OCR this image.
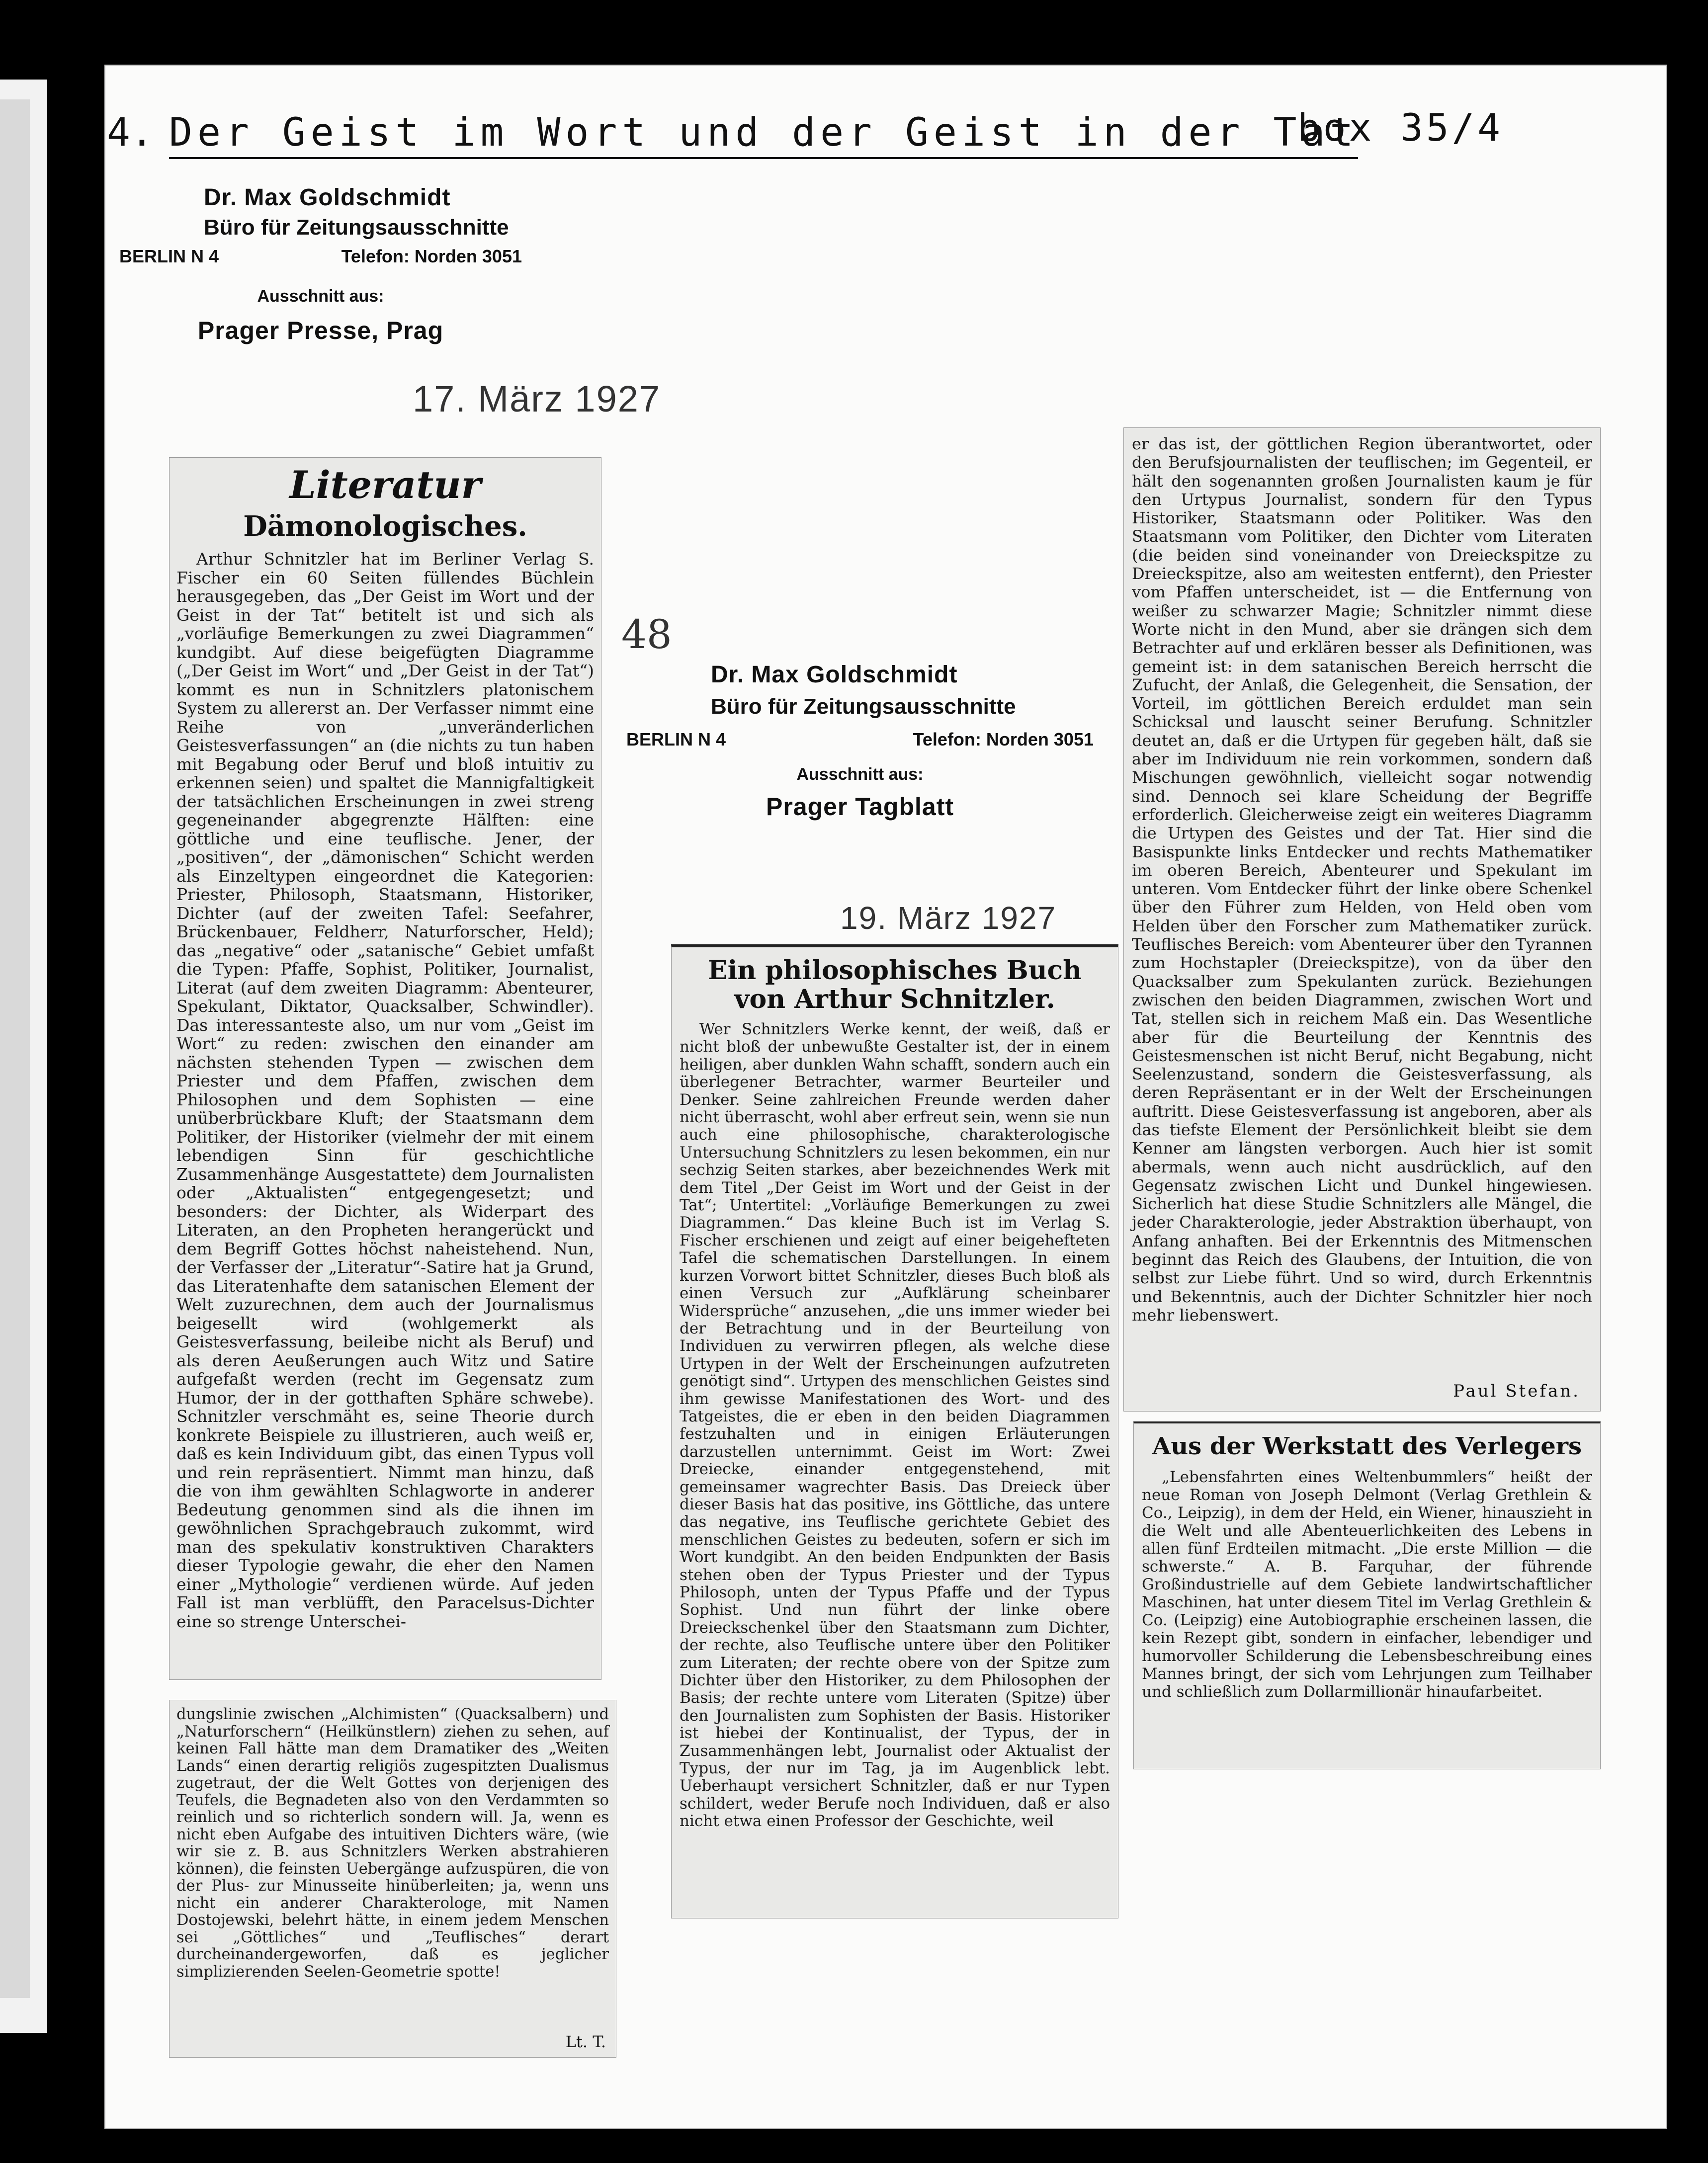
4. Der Geist im Wort und der Geist in der Tat
box 35/4
Dr. Max Goldschmidt
Büro für Zeitungsausschnitte
BERLIN N 4	Telefon: Norden 3051
Ausschnitt aus:
Prager Presse, Prag
17. März 1927
Dr. Max Goldschmidt
Büro für Zeitungsausschnitte
BERLIN N 4	Telefon: Norden 3051
Ausschnitt aus:
Prager Tagblatt
19. März 1927
48
Literatur
Dämonologisches.

Arthur Schnitzler hat im Berliner Verlag S. Fischer ein 60 Seiten füllendes Büchlein herausgegeben, das „Der Geist im Wort und der Geist in der Tat“ betitelt ist und sich als „vorläufige Bemerkungen zu zwei Diagrammen“ kundgibt. Auf diese beigefügten Diagramme („Der Geist im Wort“ und „Der Geist in der Tat“) kommt es nun in Schnitzlers platonischem System zu allererst an. Der Verfasser nimmt eine Reihe von „unveränderlichen Geistesverfassungen“ an (die nichts zu tun haben mit Begabung oder Beruf und bloß intuitiv zu erkennen seien) und spaltet die Mannigfaltigkeit der tatsächlichen Erscheinungen in zwei streng gegeneinander abgegrenzte Hälften: eine göttliche und eine teuflische. Jener, der „positiven“, der „dämonischen“ Schicht werden als Einzeltypen eingeordnet die Kategorien: Priester, Philosoph, Staatsmann, Historiker, Dichter (auf der zweiten Tafel: Seefahrer, Brückenbauer, Feldherr, Naturforscher, Held); das „negative“ oder „satanische“ Gebiet umfaßt die Typen: Pfaffe, Sophist, Politiker, Journalist, Literat (auf dem zweiten Diagramm: Abenteurer, Spekulant, Diktator, Quacksalber, Schwindler). Das interessanteste also, um nur vom „Geist im Wort“ zu reden: zwischen den einander am nächsten stehenden Typen — zwischen dem Priester und dem Pfaffen, zwischen dem Philosophen und dem Sophisten — eine unüberbrückbare Kluft; der Staatsmann dem Politiker, der Historiker (vielmehr der mit einem lebendigen Sinn für geschichtliche Zusammenhänge Ausgestattete) dem Journalisten oder „Aktualisten“ entgegengesetzt; und besonders: der Dichter, als Widerpart des Literaten, an den Propheten herangerückt und dem Begriff Gottes höchst naheistehend. Nun, der Verfasser der „Literatur“-Satire hat ja Grund, das Literatenhafte dem satanischen Element der Welt zuzurechnen, dem auch der Journalismus beigesellt wird (wohlgemerkt als Geistesverfassung, beileibe nicht als Beruf) und als deren Aeußerungen auch Witz und Satire aufgefaßt werden (recht im Gegensatz zum Humor, der in der gotthaften Sphäre schwebe). Schnitzler verschmäht es, seine Theorie durch konkrete Beispiele zu illustrieren, auch weiß er, daß es kein Individuum gibt, das einen Typus voll und rein repräsentiert. Nimmt man hinzu, daß die von ihm gewählten Schlagworte in anderer Bedeutung genommen sind als die ihnen im gewöhnlichen Sprachgebrauch zukommt, wird man des spekulativ konstruktiven Charakters dieser Typologie gewahr, die eher den Namen einer „Mythologie“ verdienen würde. Auf jeden Fall ist man verblüfft, den Paracelsus-Dichter eine so strenge Unterschei-

dungslinie zwischen „Alchimisten“ (Quacksalbern) und „Naturforschern“ (Heilkünstlern) ziehen zu sehen, auf keinen Fall hätte man dem Dramatiker des „Weiten Lands“ einen derartig religiös zugespitzten Dualismus zugetraut, der die Welt Gottes von derjenigen des Teufels, die Begnadeten also von den Verdammten so reinlich und so richterlich sondern will. Ja, wenn es nicht eben Aufgabe des intuitiven Dichters wäre, (wie wir sie z. B. aus Schnitzlers Werken abstrahieren können), die feinsten Uebergänge aufzuspüren, die von der Plus- zur Minusseite hinüberleiten; ja, wenn uns nicht ein anderer Charakterologe, mit Namen Dostojewski, belehrt hätte, in einem jedem Menschen sei „Göttliches“ und „Teuflisches“ derart durcheinandergeworfen, daß es jeglicher simplizierenden Seelen-Geometrie spotte!

Lt. T.
Ein philosophisches Buch von Arthur Schnitzler.

Wer Schnitzlers Werke kennt, der weiß, daß er nicht bloß der unbewußte Gestalter ist, der in einem heiligen, aber dunklen Wahn schafft, sondern auch ein überlegener Betrachter, warmer Beurteiler und Denker. Seine zahlreichen Freunde werden daher nicht überrascht, wohl aber erfreut sein, wenn sie nun auch eine philosophische, charakterologische Untersuchung Schnitzlers zu lesen bekommen, ein nur sechzig Seiten starkes, aber bezeichnendes Werk mit dem Titel „Der Geist im Wort und der Geist in der Tat“; Untertitel: „Vorläufige Bemerkungen zu zwei Diagrammen.“ Das kleine Buch ist im Verlag S. Fischer erschienen und zeigt auf einer beigehefteten Tafel die schematischen Darstellungen. In einem kurzen Vorwort bittet Schnitzler, dieses Buch bloß als einen Versuch zur „Aufklärung scheinbarer Widersprüche“ anzusehen, „die uns immer wieder bei der Betrachtung und in der Beurteilung von Individuen zu verwirren pflegen, als welche diese Urtypen in der Welt der Erscheinungen aufzutreten genötigt sind“. Urtypen des menschlichen Geistes sind ihm gewisse Manifestationen des Wort- und des Tatgeistes, die er eben in den beiden Diagrammen festzuhalten und in einigen Erläuterungen darzustellen unternimmt. Geist im Wort: Zwei Dreiecke, einander entgegenstehend, mit gemeinsamer wagrechter Basis. Das Dreieck über dieser Basis hat das positive, ins Göttliche, das untere das negative, ins Teuflische gerichtete Gebiet des menschlichen Geistes zu bedeuten, sofern er sich im Wort kundgibt. An den beiden Endpunkten der Basis stehen oben der Typus Priester und der Typus Philosoph, unten der Typus Pfaffe und der Typus Sophist. Und nun führt der linke obere Dreieckschenkel über den Staatsmann zum Dichter, der rechte, also Teuflische untere über den Politiker zum Literaten; der rechte obere von der Spitze zum Dichter über den Historiker, zu dem Philosophen der Basis; der rechte untere vom Literaten (Spitze) über den Journalisten zum Sophisten der Basis. Historiker ist hiebei der Kontinualist, der Typus, der in Zusammenhängen lebt, Journalist oder Aktualist der Typus, der nur im Tag, ja im Augenblick lebt. Ueberhaupt versichert Schnitzler, daß er nur Typen schildert, weder Berufe noch Individuen, daß er also nicht etwa einen Professor der Geschichte, weil

er das ist, der göttlichen Region überantwortet, oder den Berufsjournalisten der teuflischen; im Gegenteil, er hält den sogenannten großen Journalisten kaum je für den Urtypus Journalist, sondern für den Typus Historiker, Staatsmann oder Politiker. Was den Staatsmann vom Politiker, den Dichter vom Literaten (die beiden sind voneinander von Dreieckspitze zu Dreieckspitze, also am weitesten entfernt), den Priester vom Pfaffen unterscheidet, ist — die Entfernung von weißer zu schwarzer Magie; Schnitzler nimmt diese Worte nicht in den Mund, aber sie drängen sich dem Betrachter auf und erklären besser als Definitionen, was gemeint ist: in dem satanischen Bereich herrscht die Zufucht, der Anlaß, die Gelegenheit, die Sensation, der Vorteil, im göttlichen Bereich erduldet man sein Schicksal und lauscht seiner Berufung. Schnitzler deutet an, daß er die Urtypen für gegeben hält, daß sie aber im Individuum nie rein vorkommen, sondern daß Mischungen gewöhnlich, vielleicht sogar notwendig sind. Dennoch sei klare Scheidung der Begriffe erforderlich. Gleicherweise zeigt ein weiteres Diagramm die Urtypen des Geistes und der Tat. Hier sind die Basispunkte links Entdecker und rechts Mathematiker im oberen Bereich, Abenteurer und Spekulant im unteren. Vom Entdecker führt der linke obere Schenkel über den Führer zum Helden, von Held oben vom Helden über den Forscher zum Mathematiker zurück. Teuflisches Bereich: vom Abenteurer über den Tyrannen zum Hochstapler (Dreieckspitze), von da über den Quacksalber zum Spekulanten zurück. Beziehungen zwischen den beiden Diagrammen, zwischen Wort und Tat, stellen sich in reichem Maß ein. Das Wesentliche aber für die Beurteilung der Kenntnis des Geistesmenschen ist nicht Beruf, nicht Begabung, nicht Seelenzustand, sondern die Geistesverfassung, als deren Repräsentant er in der Welt der Erscheinungen auftritt. Diese Geistesverfassung ist angeboren, aber als das tiefste Element der Persönlichkeit bleibt sie dem Kenner am längsten verborgen. Auch hier ist somit abermals, wenn auch nicht ausdrücklich, auf den Gegensatz zwischen Licht und Dunkel hingewiesen. Sicherlich hat diese Studie Schnitzlers alle Mängel, die jeder Charakterologie, jeder Abstraktion überhaupt, von Anfang anhaften. Bei der Erkenntnis des Mitmenschen beginnt das Reich des Glaubens, der Intuition, die von selbst zur Liebe führt. Und so wird, durch Erkenntnis und Bekenntnis, auch der Dichter Schnitzler hier noch mehr liebenswert.

Paul Stefan.
Aus der Werkstatt des Verlegers

„Lebensfahrten eines Weltenbummlers“ heißt der neue Roman von Joseph Delmont (Verlag Grethlein & Co., Leipzig), in dem der Held, ein Wiener, hinauszieht in die Welt und alle Abenteuerlichkeiten des Lebens in allen fünf Erdteilen mitmacht. „Die erste Million — die schwerste.“ A. B. Farquhar, der führende Großindustrielle auf dem Gebiete landwirtschaftlicher Maschinen, hat unter diesem Titel im Verlag Grethlein & Co. (Leipzig) eine Autobiographie erscheinen lassen, die kein Rezept gibt, sondern in einfacher, lebendiger und humorvoller Schilderung die Lebensbeschreibung eines Mannes bringt, der sich vom Lehrjungen zum Teilhaber und schließlich zum Dollarmillionär hinaufarbeitet.
